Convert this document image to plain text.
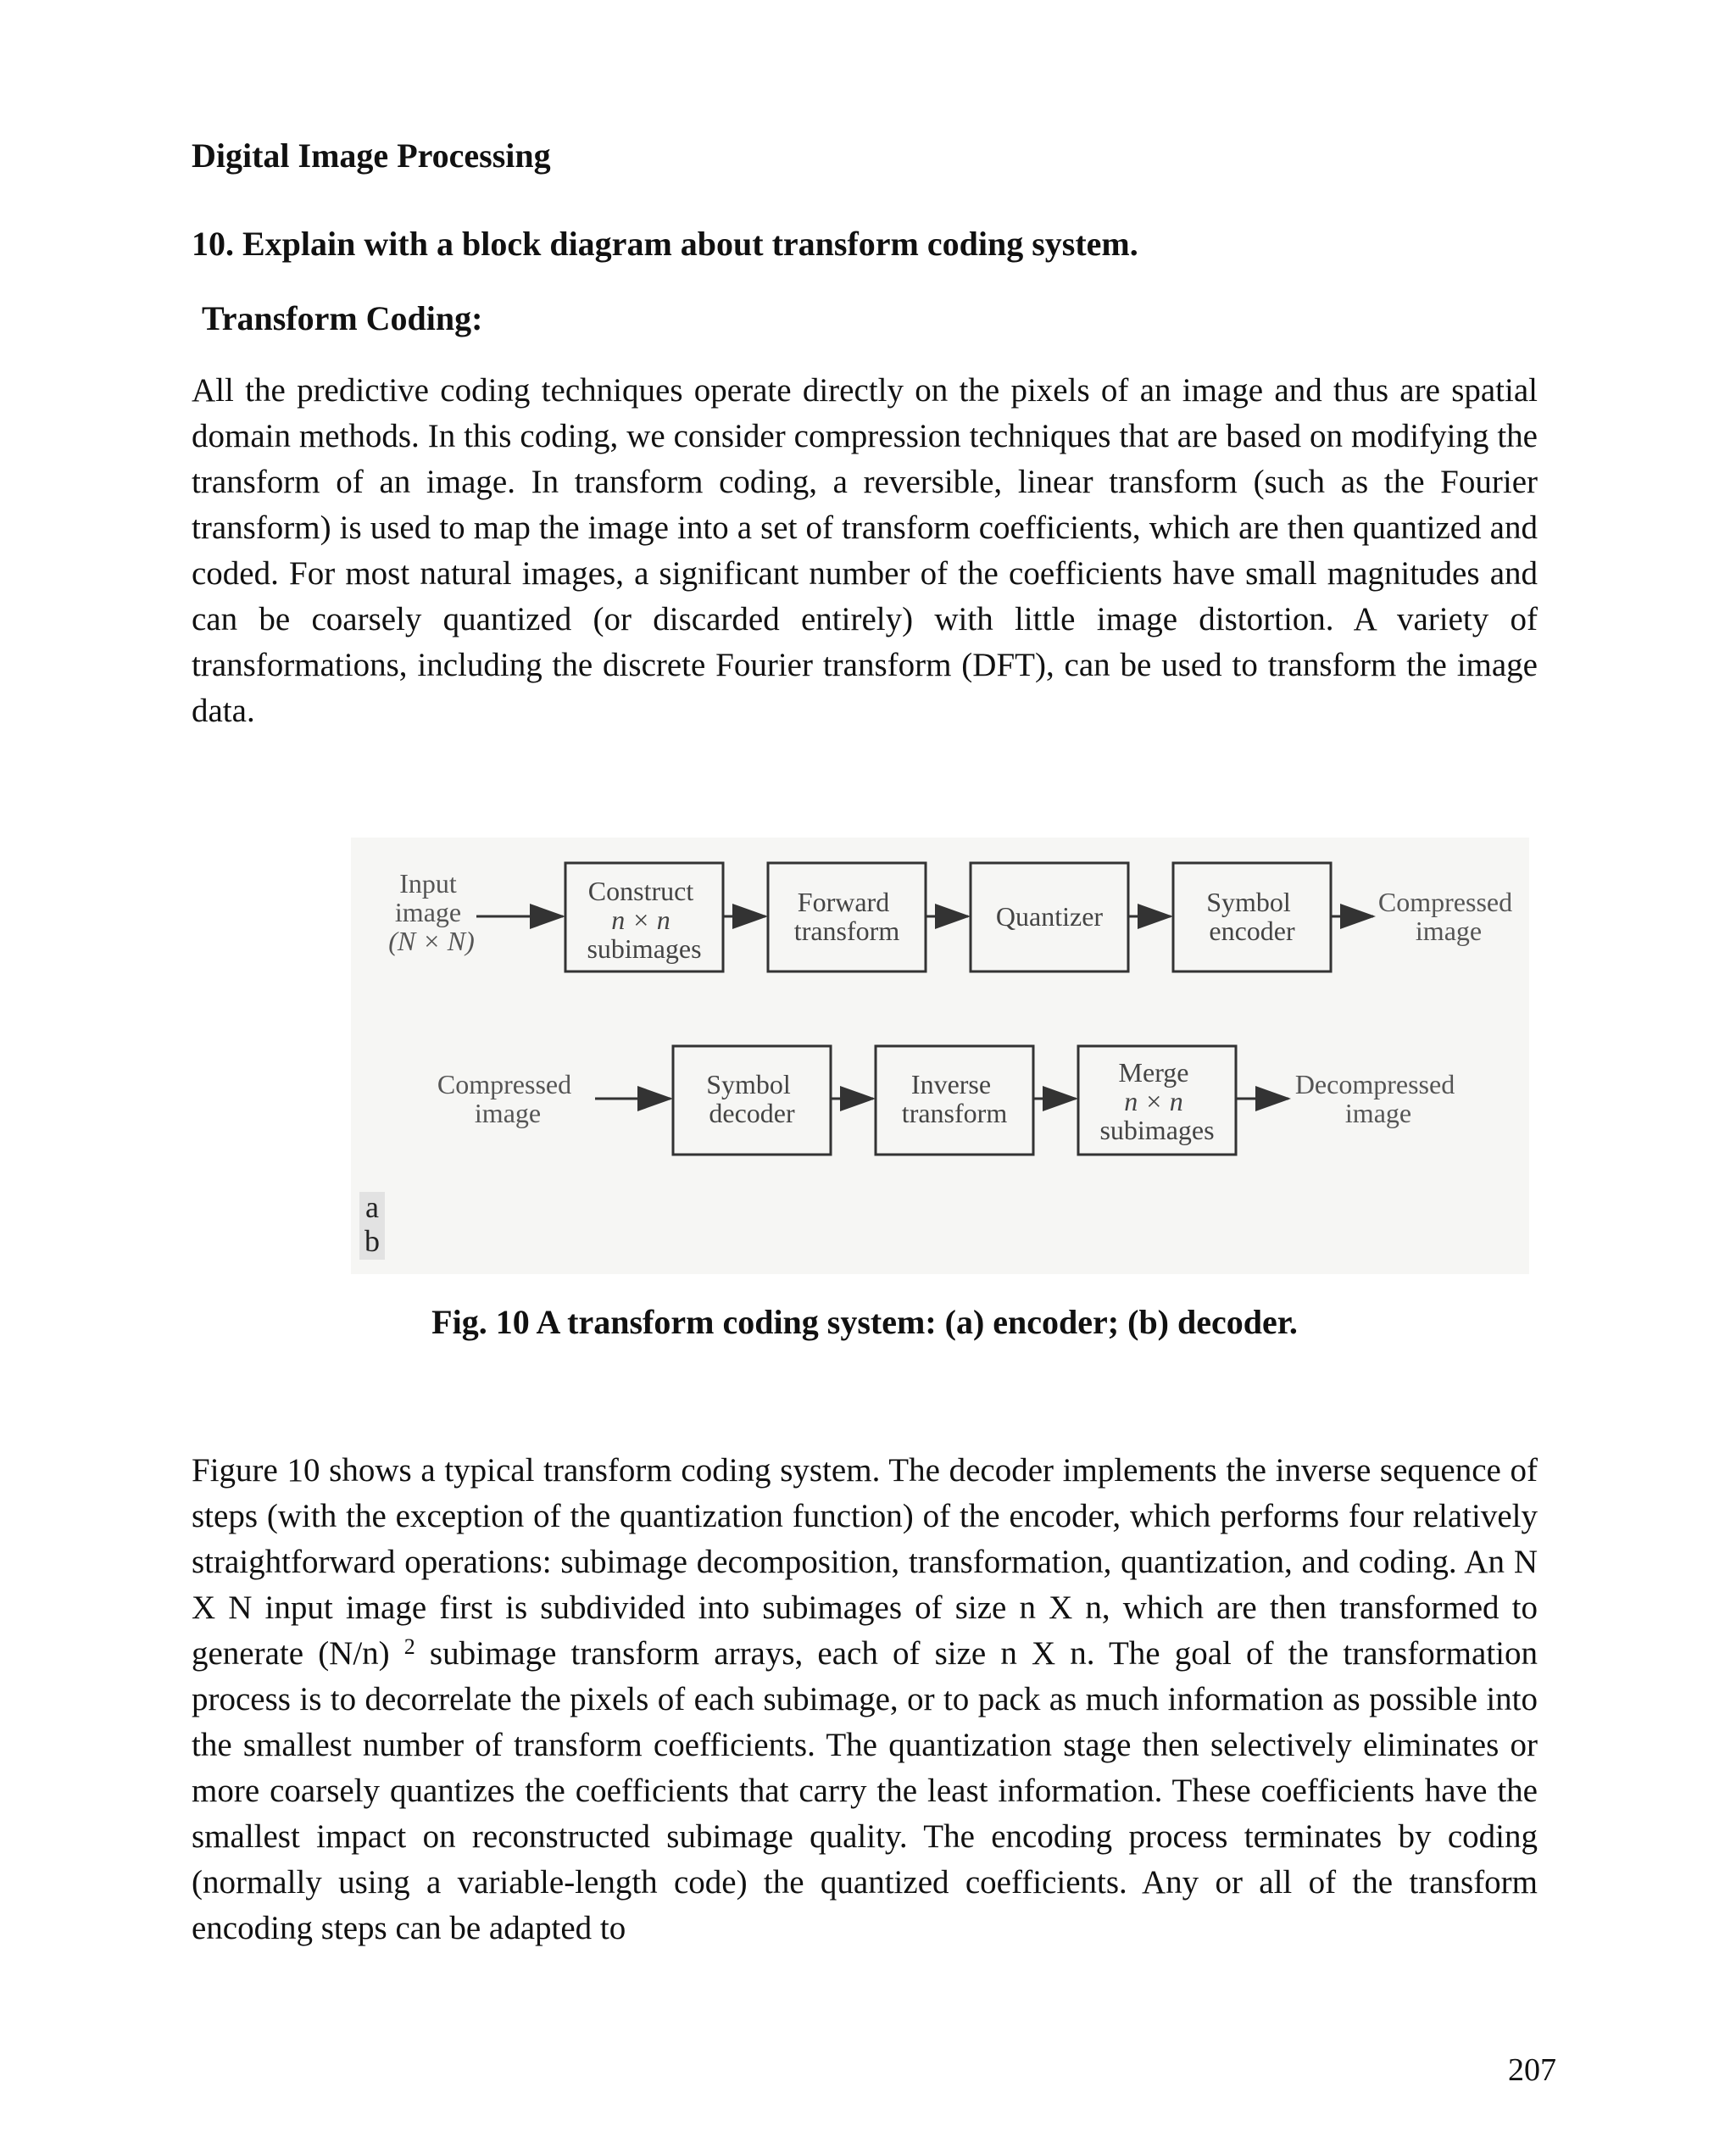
Digital Image Processing
10. Explain with a block diagram about transform coding system.
Transform Coding:

All the predictive coding techniques operate directly on the pixels of an image and thus are spatial domain methods. In this coding, we consider compression techniques that are based on modifying the transform of an image. In transform coding, a reversible, linear transform (such as the Fourier transform) is used to map the image into a set of transform coefficients, which are then quantized and coded. For most natural images, a significant number of the coefficients have small magnitudes and can be coarsely quantized (or discarded entirely) with little image distortion. A variety of transformations, including the discrete Fourier transform (DFT), can be used to transform the image data.

Input image (N × N)
Construct n × n subimages
Forward transform	Quantizer	Symbol encoder
Compressed image
Compressed image
Symbol decoder
Inverse transform
Merge n × n subimages
Decompressed image
a
b
Fig. 10 A transform coding system: (a) encoder; (b) decoder.

Figure 10 shows a typical transform coding system. The decoder implements the inverse sequence of steps (with the exception of the quantization function) of the encoder, which performs four relatively straightforward operations: subimage decomposition, transformation, quantization, and coding. An N X N input image first is subdivided into subimages of size n X n, which are then transformed to generate (N/n) $^2$ subimage transform arrays, each of size n X n. The goal of the transformation process is to decorrelate the pixels of each subimage, or to pack as much information as possible into the smallest number of transform coefficients. The quantization stage then selectively eliminates or more coarsely quantizes the coefficients that carry the least information. These coefficients have the smallest impact on reconstructed subimage quality. The encoding process terminates by coding (normally using a variable-length code) the quantized coefficients. Any or all of the transform encoding steps can be adapted to

207
